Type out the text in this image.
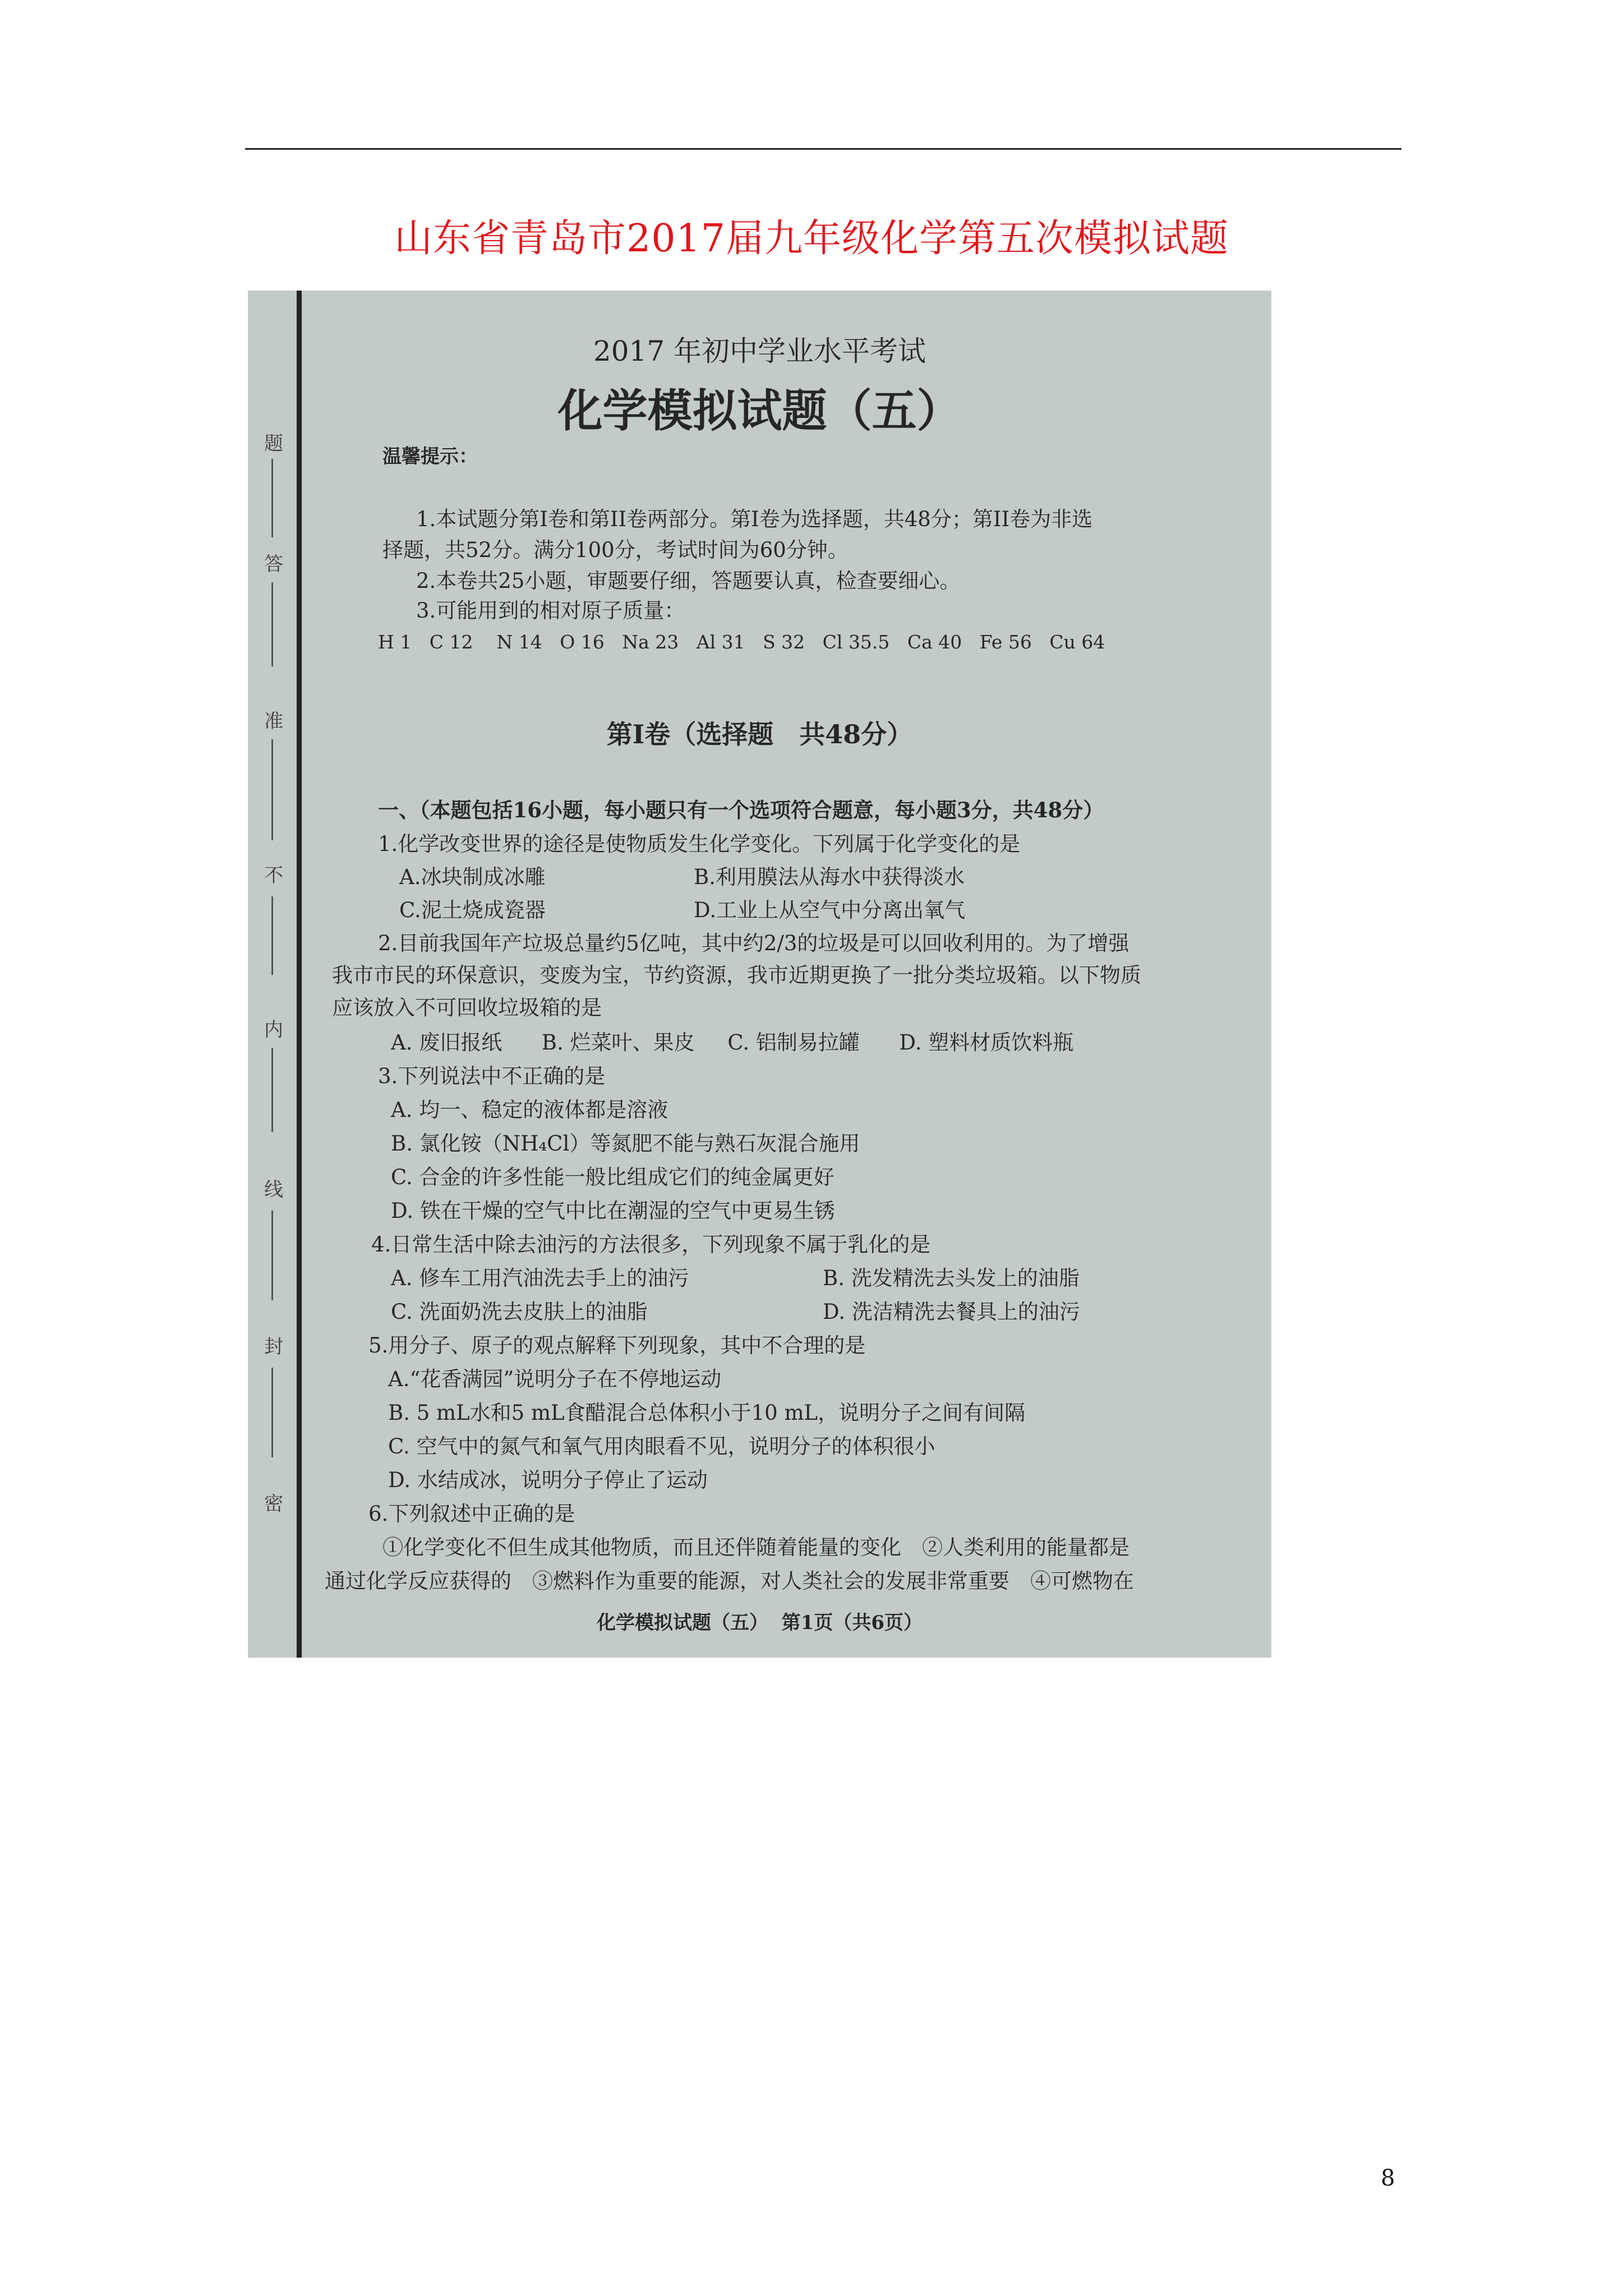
山东省青岛市2017届九年级化学第五次模拟试题
题
答
准
不
内
线
封
密
2017 年初中学业水平考试
化学模拟试题（五）
温馨提示：
1.本试题分第Ⅰ卷和第II卷两部分。第Ⅰ卷为选择题，共48分；第II卷为非选
择题，共52分。满分100分，考试时间为60分钟。
2.本卷共25小题，审题要仔细，答题要认真，检查要细心。
3.可能用到的相对原子质量：
H 1   C 12    N 14   O 16   Na 23   Al 31   S 32   Cl 35.5   Ca 40   Fe 56   Cu 64
第Ⅰ卷（选择题　共48分）
一、（本题包括16小题，每小题只有一个选项符合题意，每小题3分，共48分）
1.化学改变世界的途径是使物质发生化学变化。下列属于化学变化的是
A.冰块制成冰雕	B.利用膜法从海水中获得淡水
C.泥土烧成瓷器	D.工业上从空气中分离出氧气
2.目前我国年产垃圾总量约5亿吨，其中约2/3的垃圾是可以回收利用的。为了增强
我市市民的环保意识，变废为宝，节约资源，我市近期更换了一批分类垃圾箱。以下物质
应该放入不可回收垃圾箱的是
A. 废旧报纸      B. 烂菜叶、果皮     C. 铝制易拉罐      D. 塑料材质饮料瓶
3.下列说法中不正确的是
A. 均一、稳定的液体都是溶液
B. 氯化铵（NH₄Cl）等氮肥不能与熟石灰混合施用
C. 合金的许多性能一般比组成它们的纯金属更好
D. 铁在干燥的空气中比在潮湿的空气中更易生锈
4.日常生活中除去油污的方法很多，下列现象不属于乳化的是
A. 修车工用汽油洗去手上的油污	B. 洗发精洗去头发上的油脂
C. 洗面奶洗去皮肤上的油脂	D. 洗洁精洗去餐具上的油污
5.用分子、原子的观点解释下列现象，其中不合理的是
A.“花香满园”说明分子在不停地运动
B. 5 mL水和5 mL食醋混合总体积小于10 mL，说明分子之间有间隔
C. 空气中的氮气和氧气用肉眼看不见，说明分子的体积很小
D. 水结成冰，说明分子停止了运动
6.下列叙述中正确的是
①化学变化不但生成其他物质，而且还伴随着能量的变化　②人类利用的能量都是
通过化学反应获得的　③燃料作为重要的能源，对人类社会的发展非常重要　④可燃物在
化学模拟试题（五）  第1页（共6页）
8
